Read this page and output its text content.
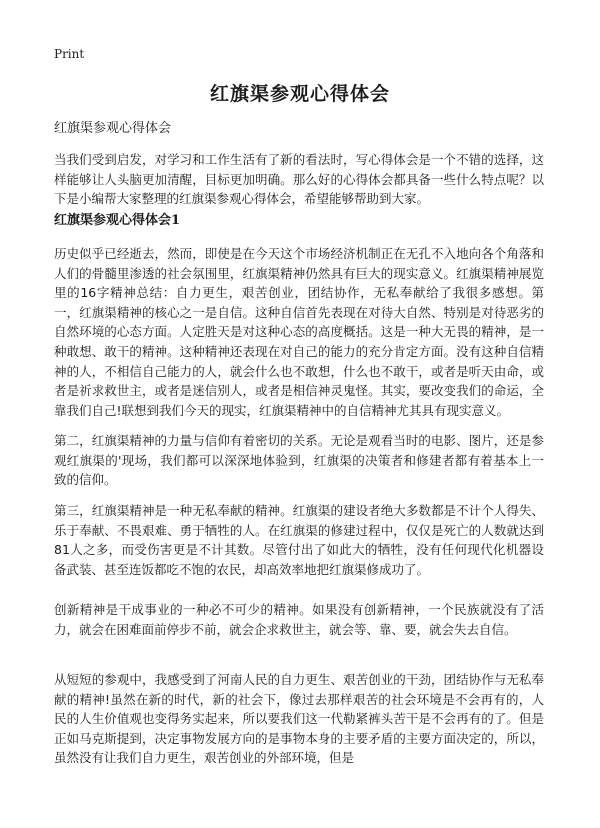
Print
红旗渠参观心得体会

红旗渠参观心得体会

当我们受到启发，对学习和工作生活有了新的看法时，写心得体会是一个不错的选择，这样能够让人头脑更加清醒，目标更加明确。那么好的心得体会都具备一些什么特点呢？以下是小编帮大家整理的红旗渠参观心得体会，希望能够帮助到大家。

红旗渠参观心得体会1

历史似乎已经逝去，然而，即使是在今天这个市场经济机制正在无孔不入地向各个角落和人们的骨髓里渗透的社会氛围里，红旗渠精神仍然具有巨大的现实意义。红旗渠精神展览里的16字精神总结：自力更生，艰苦创业，团结协作，无私奉献给了我很多感想。第一，红旗渠精神的核心之一是自信。这种自信首先表现在对待大自然、特别是对待恶劣的自然环境的心态方面。人定胜天是对这种心态的高度概括。这是一种大无畏的精神，是一种敢想、敢干的精神。这种精神还表现在对自己的能力的充分肯定方面。没有这种自信精神的人，不相信自己能力的人，就会什么也不敢想，什么也不敢干，或者是听天由命，或者是祈求救世主，或者是迷信别人，或者是相信神灵鬼怪。其实，要改变我们的命运，全靠我们自己!联想到我们今天的现实，红旗渠精神中的自信精神尤其具有现实意义。

第二，红旗渠精神的力量与信仰有着密切的关系。无论是观看当时的电影、图片，还是参观红旗渠的'现场，我们都可以深深地体验到，红旗渠的决策者和修建者都有着基本上一致的信仰。

第三，红旗渠精神是一种无私奉献的精神。红旗渠的建设者绝大多数都是不计个人得失、乐于奉献、不畏艰难、勇于牺牲的人。在红旗渠的修建过程中，仅仅是死亡的人数就达到81人之多，而受伤害更是不计其数。尽管付出了如此大的牺牲，没有任何现代化机器设备武装、甚至连饭都吃不饱的农民，却高效率地把红旗渠修成功了。

创新精神是干成事业的一种必不可少的精神。如果没有创新精神，一个民族就没有了活力，就会在困难面前停步不前，就会企求救世主，就会等、靠、要，就会失去自信。

从短短的参观中，我感受到了河南人民的自力更生、艰苦创业的干劲，团结协作与无私奉献的精神!虽然在新的时代，新的社会下，像过去那样艰苦的社会环境是不会再有的，人民的人生价值观也变得务实起来，所以要我们这一代勒紧裤头苦干是不会再有的了。但是正如马克斯提到，决定事物发展方向的是事物本身的主要矛盾的主要方面决定的，所以，虽然没有让我们自力更生，艰苦创业的外部环境，但是
